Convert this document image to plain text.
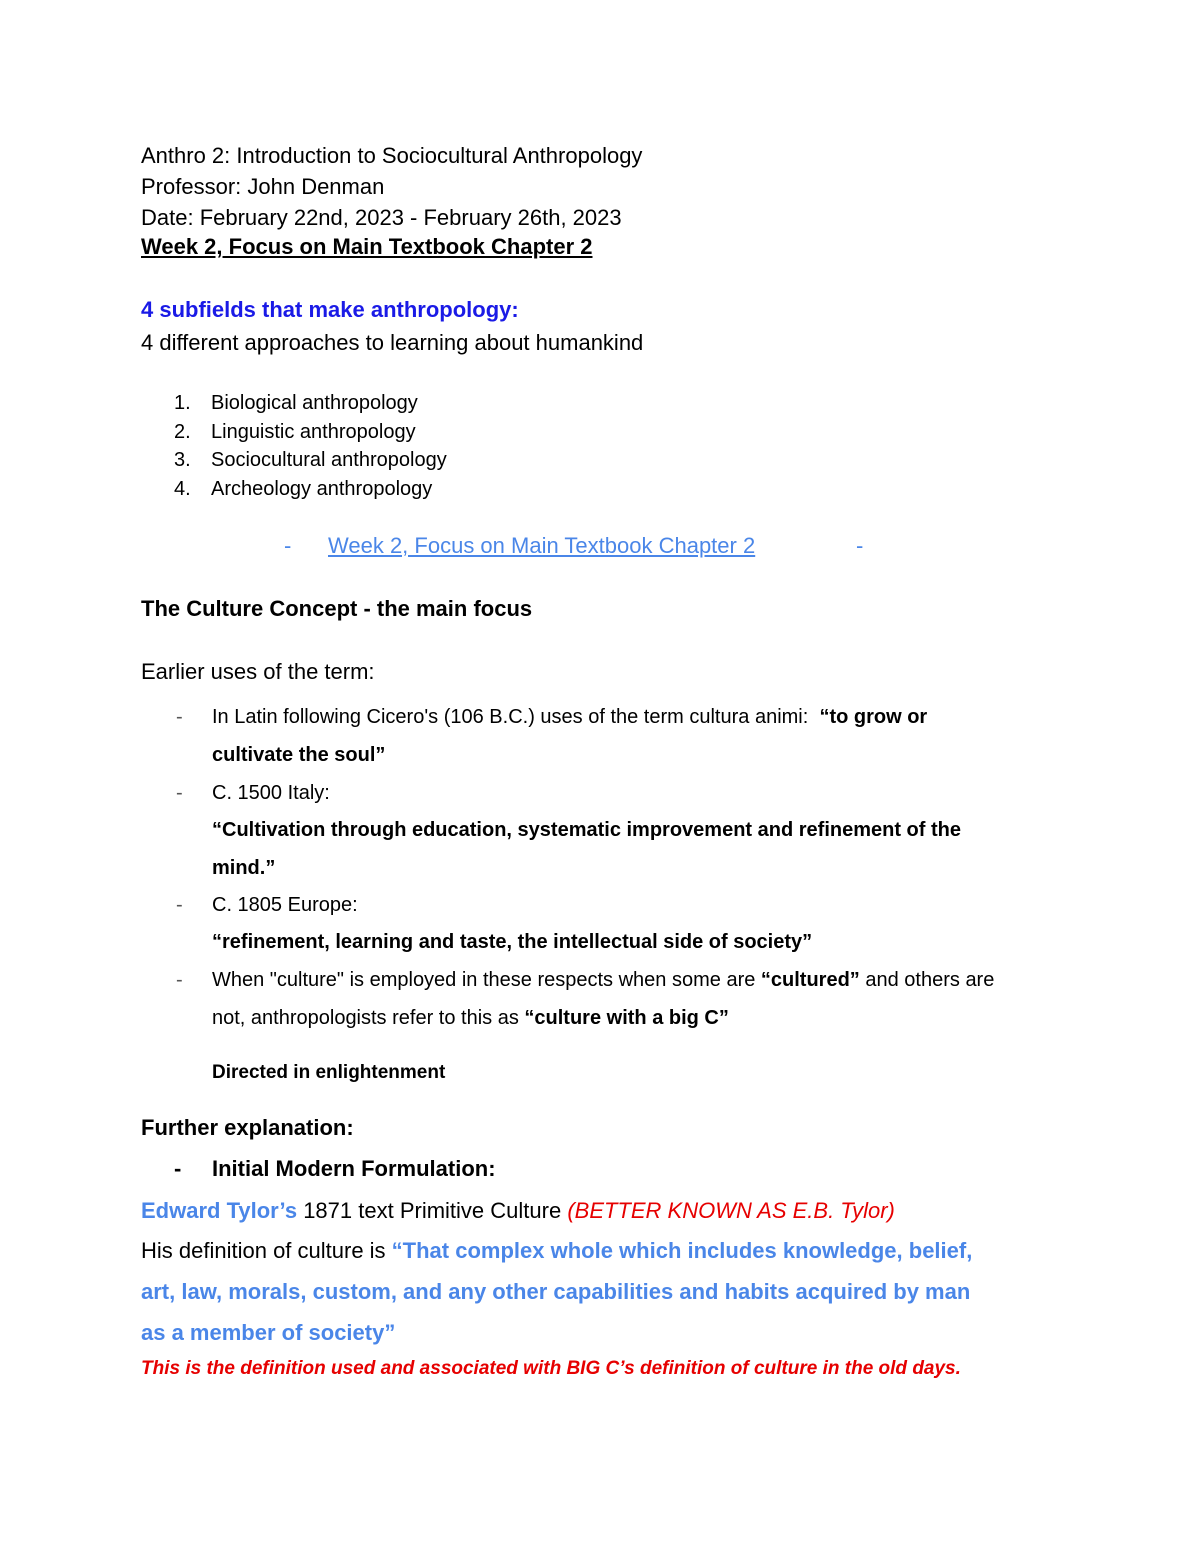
Anthro 2: Introduction to Sociocultural Anthropology
Professor: John Denman
Date: February 22nd, 2023 - February 26th, 2023
Week 2, Focus on Main Textbook Chapter 2
4 subfields that make anthropology:
4 different approaches to learning about humankind
1. Biological anthropology
2. Linguistic anthropology
3. Sociocultural anthropology
4. Archeology anthropology
- Week 2, Focus on Main Textbook Chapter 2	-
The Culture Concept - the main focus
Earlier uses of the term:
- In Latin following Cicero's (106 B.C.) uses of the term cultura animi: “to grow or
cultivate the soul”
- C. 1500 Italy:
“Cultivation through education, systematic improvement and refinement of the
mind.”
- C. 1805 Europe:
“refinement, learning and taste, the intellectual side of society”
- When "culture" is employed in these respects when some are “cultured” and others are
not, anthropologists refer to this as “culture with a big C”
Directed in enlightenment
Further explanation:
- Initial Modern Formulation:
Edward Tylor’s 1871 text Primitive Culture (BETTER KNOWN AS E.B. Tylor)
His definition of culture is “That complex whole which includes knowledge, belief,
art, law, morals, custom, and any other capabilities and habits acquired by man
as a member of society”
This is the definition used and associated with BIG C’s definition of culture in the old days.
